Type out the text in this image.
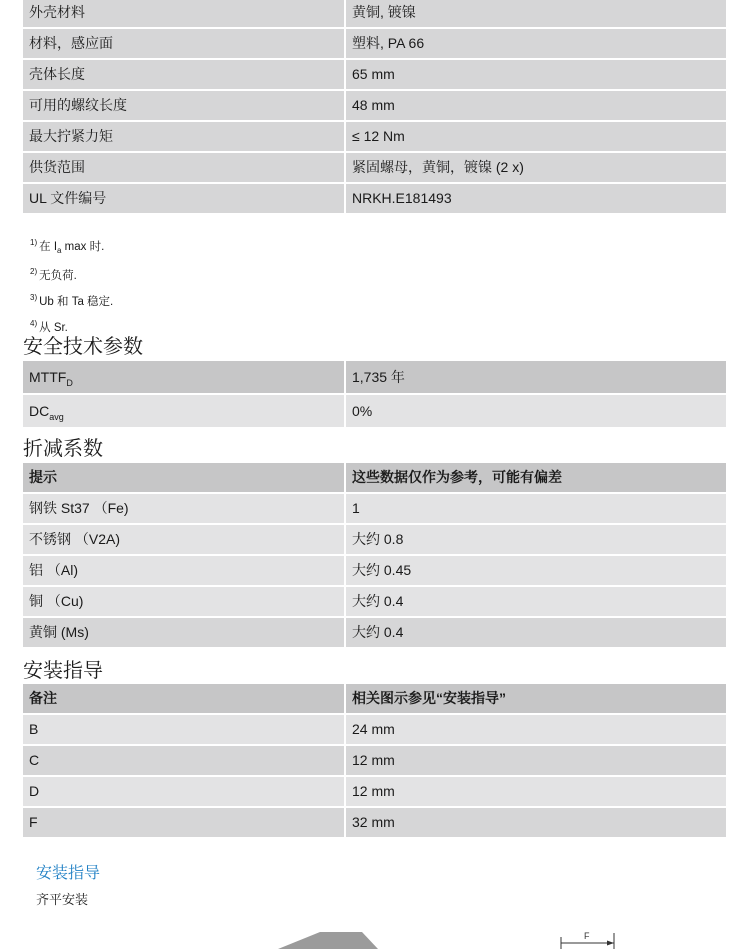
外壳材料	黄铜, 镀镍
材料，感应面	塑料, PA 66
壳体长度	65 mm
可用的螺纹长度	48 mm
最大拧紧力矩	≤ 12 Nm
供货范围	紧固螺母，黄铜，镀镍 (2 x)
UL 文件编号	NRKH.E181493
$^{1)}$ 在 $I_a$ max 时.
$^{2)}$ 无负荷.
$^{3)}$ Ub 和 Ta 稳定.
$^{4)}$ 从 Sr.
安全技术参数
$MTTF_D$	1,735 年
$DC_{avg}$	0%
折减系数
提示	这些数据仅作为参考，可能有偏差
钢铁 St37 （Fe)	1
不锈钢 （V2A)	大约 0.8
铝 （Al)	大约 0.45
铜 （Cu)	大约 0.4
黄铜 (Ms)	大约 0.4
安装指导
备注	相关图示参见“安装指导”
B	24 mm
C	12 mm
D	12 mm
F	32 mm
安装指导
齐平安装
F
